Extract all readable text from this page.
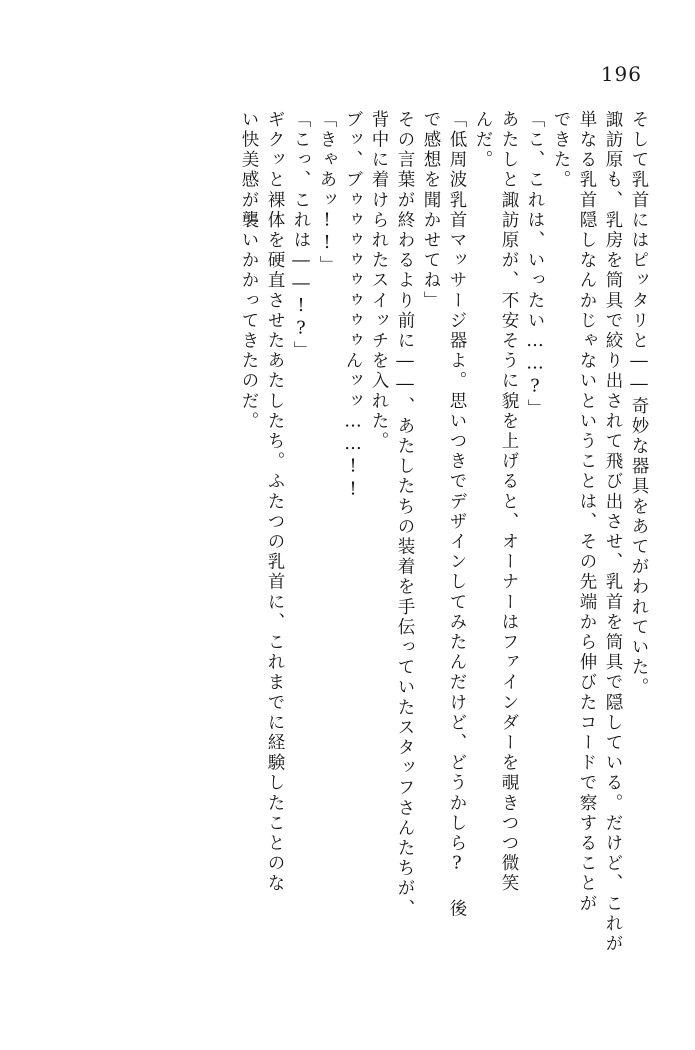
196
そして乳首にはピッタリと――奇妙な器具をあてがわれていた。
諏訪原も、乳房を筒具で絞り出されて飛び出させ、乳首を筒具で隠している。だけど、これが
単なる乳首隠しなんかじゃないということは、その先端から伸びたコードで察することが
できた。
「こ、これは、いったい……?」
あたしと諏訪原が、不安そうに貌を上げると、オーナーはファインダーを覗きつつ微笑
んだ。
「低周波乳首マッサージ器よ。思いつきでデザインしてみたんだけど、どうかしら? 後
で感想を聞かせてね」
その言葉が終わるより前に――、あたしたちの装着を手伝っていたスタッフさんたちが、
背中に着けられたスイッチを入れた。
ブッ、ブゥゥゥゥゥゥゥゥんッッ……!!
「きゃあッ!!」
「こっ、これは――!?」
ギクッと裸体を硬直させたあたしたち。ふたつの乳首に、これまでに経験したことのな
い快美感が襲いかかってきたのだ。
